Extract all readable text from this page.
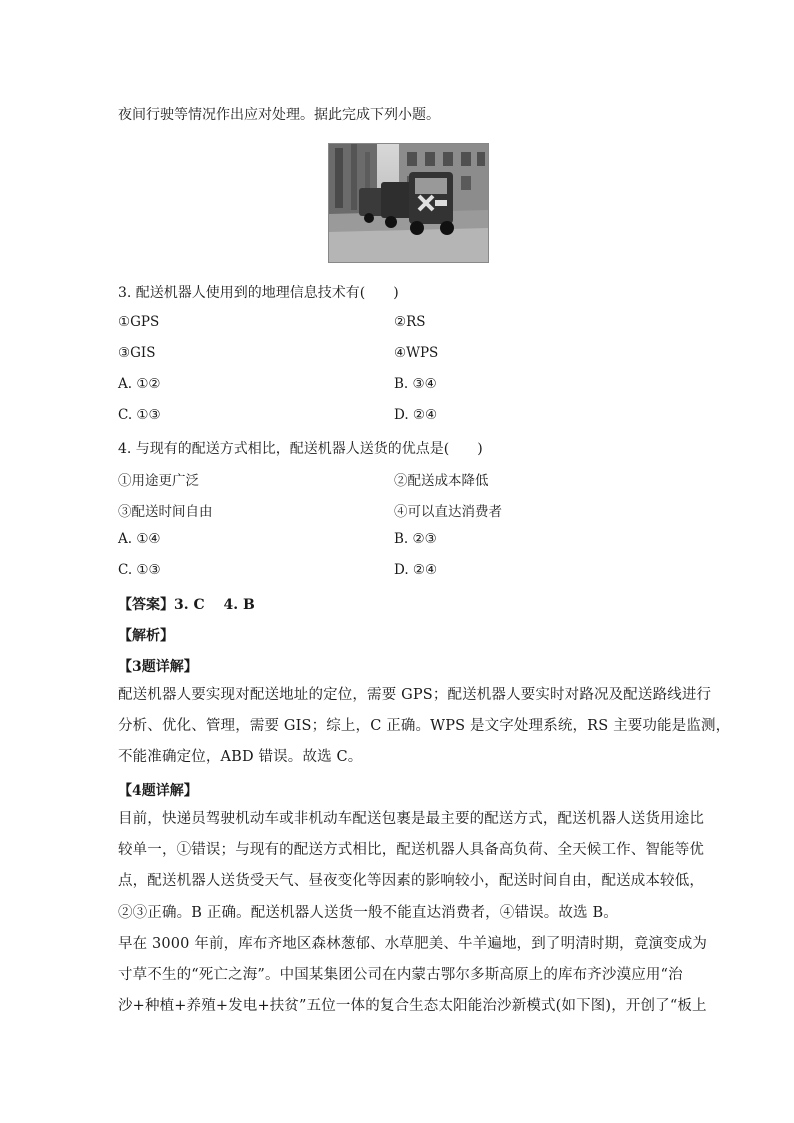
夜间行驶等情况作出应对处理。据此完成下列小题。
3. 配送机器人使用到的地理信息技术有(　　)
①GPS	②RS
③GIS	④WPS
A. ①②	B. ③④
C. ①③	D. ②④
4. 与现有的配送方式相比，配送机器人送货的优点是(　　)
①用途更广泛	②配送成本降低
③配送时间自由	④可以直达消费者
A. ①④	B. ②③
C. ①③	D. ②④
【答案】3. C　 4. B
【解析】
【3题详解】
配送机器人要实现对配送地址的定位，需要 GPS；配送机器人要实时对路况及配送路线进行
分析、优化、管理，需要 GIS；综上，C 正确。WPS 是文字处理系统，RS 主要功能是监测，
不能准确定位，ABD 错误。故选 C。
【4题详解】
目前，快递员驾驶机动车或非机动车配送包裹是最主要的配送方式，配送机器人送货用途比
较单一，①错误；与现有的配送方式相比，配送机器人具备高负荷、全天候工作、智能等优
点，配送机器人送货受天气、昼夜变化等因素的影响较小，配送时间自由，配送成本较低，
②③正确。B 正确。配送机器人送货一般不能直达消费者，④错误。故选 B。
早在 3000 年前，库布齐地区森林葱郁、水草肥美、牛羊遍地，到了明清时期，竟演变成为
寸草不生的“死亡之海”。中国某集团公司在内蒙古鄂尔多斯高原上的库布齐沙漠应用“治
沙+种植+养殖+发电+扶贫”五位一体的复合生态太阳能治沙新模式(如下图)，开创了“板上
